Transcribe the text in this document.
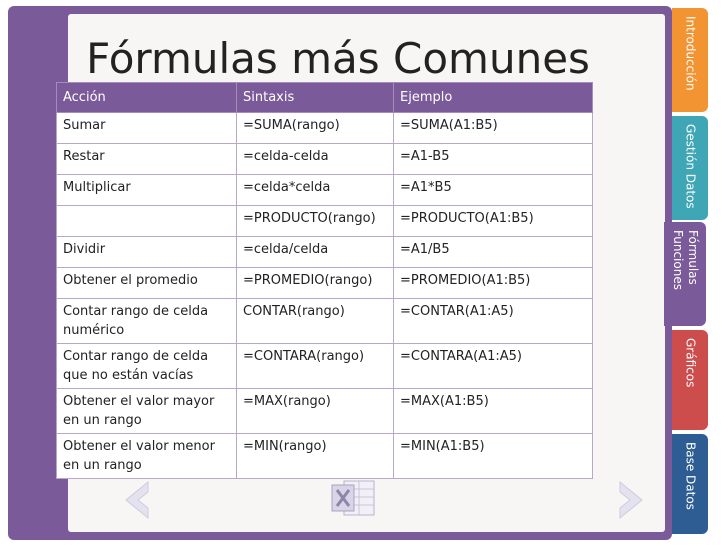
Fórmulas más Comunes
Acción	Sintaxis	Ejemplo
Sumar	=SUMA(rango)	=SUMA(A1:B5)
Restar	=celda-celda	=A1-B5
Multiplicar	=celda*celda	=A1*B5
	=PRODUCTO(rango)	=PRODUCTO(A1:B5)
Dividir	=celda/celda	=A1/B5
Obtener el promedio	=PROMEDIO(rango)	=PROMEDIO(A1:B5)
Contar rango de celda numérico	CONTAR(rango)	=CONTAR(A1:A5)
Contar rango de celda que no están vacías	=CONTARA(rango)	=CONTARA(A1:A5)
Obtener el valor mayor en un rango	=MAX(rango)	=MAX(A1:B5)
Obtener el valor menor en un rango	=MIN(rango)	=MIN(A1:B5)
Introducción
Gestión Datos
Fórmulas Funciones
Gráficos
Base Datos
